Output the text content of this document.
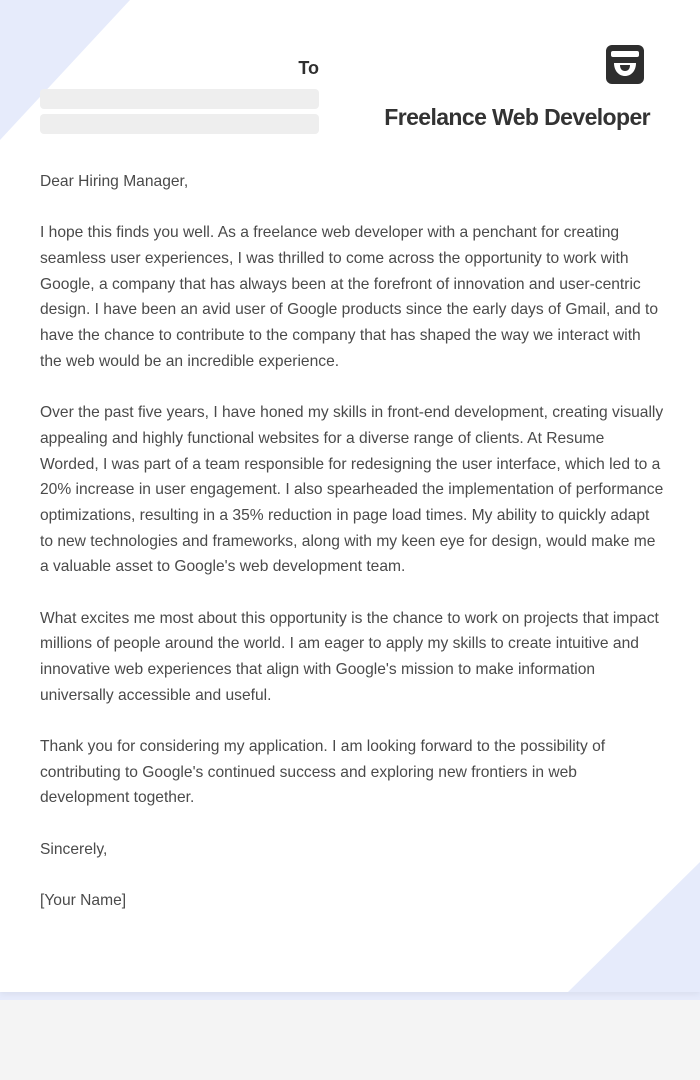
To
Freelance Web Developer

Dear Hiring Manager,

I hope this finds you well. As a freelance web developer with a penchant for creating seamless user experiences, I was thrilled to come across the opportunity to work with Google, a company that has always been at the forefront of innovation and user-centric design. I have been an avid user of Google products since the early days of Gmail, and to have the chance to contribute to the company that has shaped the way we interact with the web would be an incredible experience.

Over the past five years, I have honed my skills in front-end development, creating visually appealing and highly functional websites for a diverse range of clients. At Resume Worded, I was part of a team responsible for redesigning the user interface, which led to a 20% increase in user engagement. I also spearheaded the implementation of performance optimizations, resulting in a 35% reduction in page load times. My ability to quickly adapt to new technologies and frameworks, along with my keen eye for design, would make me a valuable asset to Google's web development team.

What excites me most about this opportunity is the chance to work on projects that impact millions of people around the world. I am eager to apply my skills to create intuitive and innovative web experiences that align with Google's mission to make information universally accessible and useful.

Thank you for considering my application. I am looking forward to the possibility of contributing to Google's continued success and exploring new frontiers in web development together.

Sincerely,

[Your Name]
